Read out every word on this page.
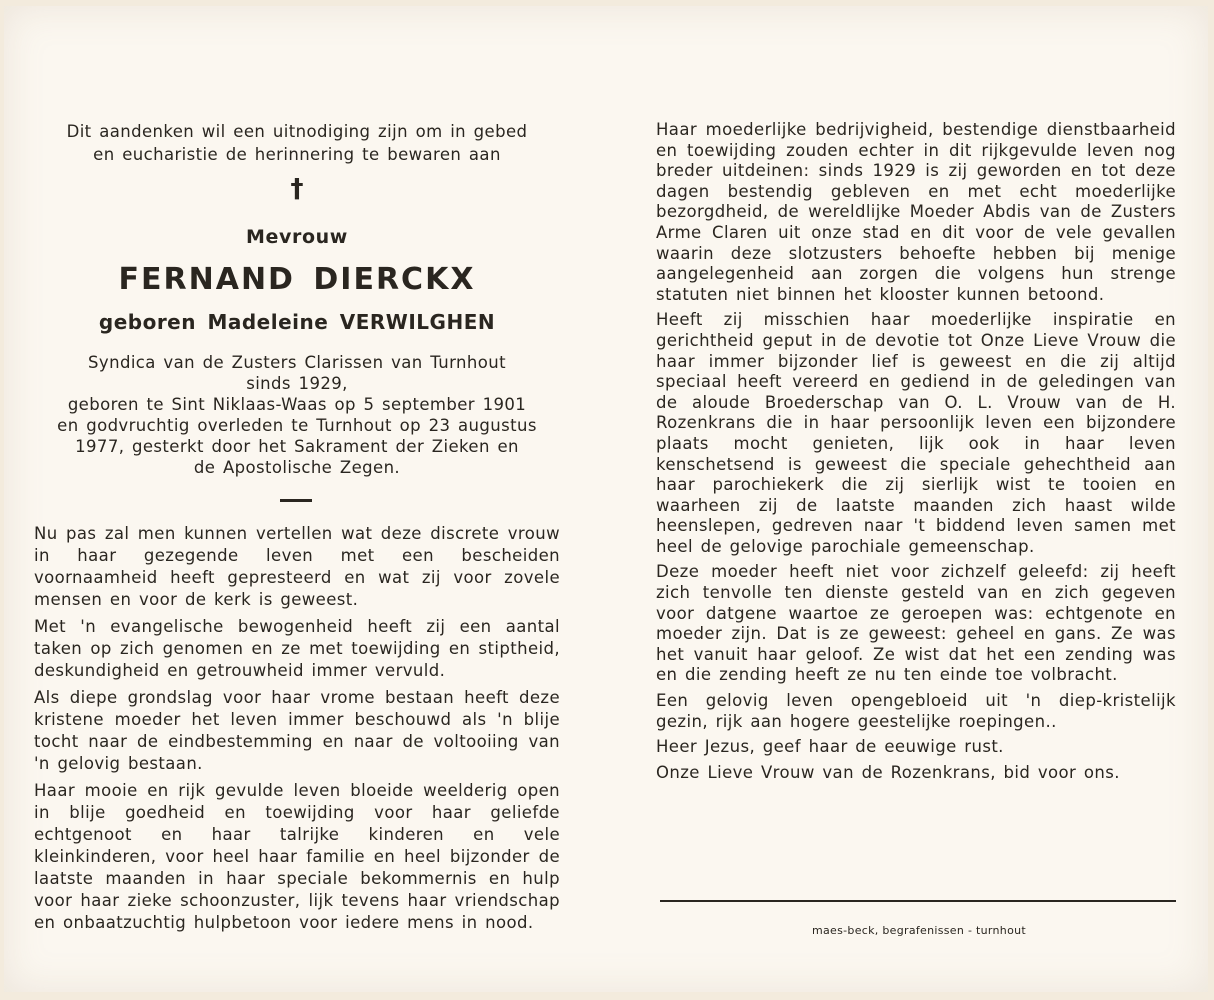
Dit aandenken wil een uitnodiging zijn om in gebed
en eucharistie de herinnering te bewaren aan
†
Mevrouw
FERNAND DIERCKX
geboren Madeleine VERWILGHEN
Syndica van de Zusters Clarissen van Turnhout
sinds 1929,
geboren te Sint Niklaas-Waas op 5 september 1901
en godvruchtig overleden te Turnhout op 23 augustus
1977, gesterkt door het Sakrament der Zieken en
de Apostolische Zegen.

Nu pas zal men kunnen vertellen wat deze discrete vrouw in haar gezegende leven met een bescheiden voornaamheid heeft gepresteerd en wat zij voor zovele mensen en voor de kerk is geweest.

Met 'n evangelische bewogenheid heeft zij een aantal taken op zich genomen en ze met toewijding en stiptheid, deskundigheid en getrouwheid immer vervuld.

Als diepe grondslag voor haar vrome bestaan heeft deze kristene moeder het leven immer beschouwd als 'n blije tocht naar de eindbestemming en naar de voltooiing van 'n gelovig bestaan.

Haar mooie en rijk gevulde leven bloeide weelderig open in blije goedheid en toewijding voor haar geliefde echtgenoot en haar talrijke kinderen en vele kleinkinderen, voor heel haar familie en heel bijzonder de laatste maanden in haar speciale bekommernis en hulp voor haar zieke schoonzuster, lijk tevens haar vriendschap en onbaatzuchtig hulpbetoon voor iedere mens in nood.

Haar moederlijke bedrijvigheid, bestendige dienstbaarheid en toewijding zouden echter in dit rijkgevulde leven nog breder uitdeinen: sinds 1929 is zij geworden en tot deze dagen bestendig gebleven en met echt moederlijke bezorgdheid, de wereldlijke Moeder Abdis van de Zusters Arme Claren uit onze stad en dit voor de vele gevallen waarin deze slotzusters behoefte hebben bij menige aangelegenheid aan zorgen die volgens hun strenge statuten niet binnen het klooster kunnen betoond.

Heeft zij misschien haar moederlijke inspiratie en gerichtheid geput in de devotie tot Onze Lieve Vrouw die haar immer bijzonder lief is geweest en die zij altijd speciaal heeft vereerd en gediend in de geledingen van de aloude Broederschap van O. L. Vrouw van de H. Rozenkrans die in haar persoonlijk leven een bijzondere plaats mocht genieten, lijk ook in haar leven kenschetsend is geweest die speciale gehechtheid aan haar parochiekerk die zij sierlijk wist te tooien en waarheen zij de laatste maanden zich haast wilde heenslepen, gedreven naar 't biddend leven samen met heel de gelovige parochiale gemeenschap.

Deze moeder heeft niet voor zichzelf geleefd: zij heeft zich tenvolle ten dienste gesteld van en zich gegeven voor datgene waartoe ze geroepen was: echtgenote en moeder zijn. Dat is ze geweest: geheel en gans. Ze was het vanuit haar geloof. Ze wist dat het een zending was en die zending heeft ze nu ten einde toe volbracht.

Een gelovig leven opengebloeid uit 'n diep-kristelijk gezin, rijk aan hogere geestelijke roepingen..

Heer Jezus, geef haar de eeuwige rust.

Onze Lieve Vrouw van de Rozenkrans, bid voor ons.

maes-beck, begrafenissen - turnhout
